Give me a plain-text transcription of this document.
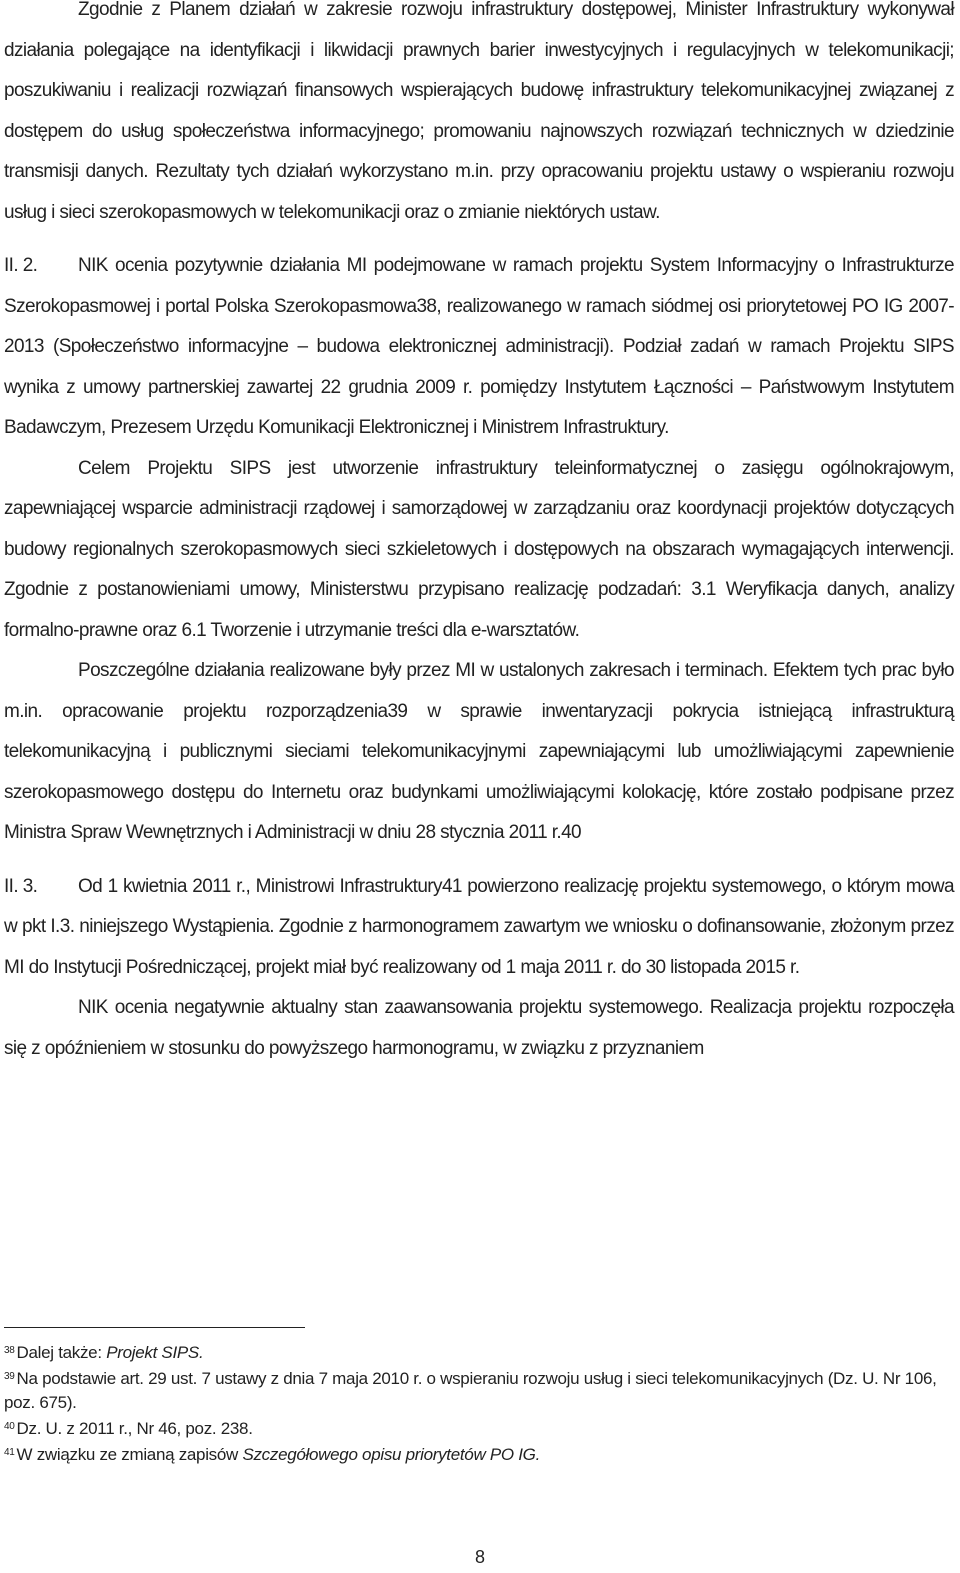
Zgodnie z Planem działań w zakresie rozwoju infrastruktury dostępowej, Minister Infrastruktury wykonywał działania polegające na identyfikacji i likwidacji prawnych barier inwestycyjnych i regulacyjnych w telekomunikacji; poszukiwaniu i realizacji rozwiązań finansowych wspierających budowę infrastruktury telekomunikacyjnej związanej z dostępem do usług społeczeństwa informacyjnego; promowaniu najnowszych rozwiązań technicznych w dziedzinie transmisji danych. Rezultaty tych działań wykorzystano m.in. przy opracowaniu projektu ustawy o wspieraniu rozwoju usług i sieci szerokopasmowych w telekomunikacji oraz o zmianie niektórych ustaw.

II. 2. NIK ocenia pozytywnie działania MI podejmowane w ramach projektu System Informacyjny o Infrastrukturze Szerokopasmowej i portal Polska Szerokopasmowa38, realizowanego w ramach siódmej osi priorytetowej PO IG 2007-2013 (Społeczeństwo informacyjne – budowa elektronicznej administracji). Podział zadań w ramach Projektu SIPS wynika z umowy partnerskiej zawartej 22 grudnia 2009 r. pomiędzy Instytutem Łączności – Państwowym Instytutem Badawczym, Prezesem Urzędu Komunikacji Elektronicznej i Ministrem Infrastruktury.

Celem Projektu SIPS jest utworzenie infrastruktury teleinformatycznej o zasięgu ogólnokrajowym, zapewniającej wsparcie administracji rządowej i samorządowej w zarządzaniu oraz koordynacji projektów dotyczących budowy regionalnych szerokopasmowych sieci szkieletowych i dostępowych na obszarach wymagających interwencji. Zgodnie z postanowieniami umowy, Ministerstwu przypisano realizację podzadań: 3.1 Weryfikacja danych, analizy formalno-prawne oraz 6.1 Tworzenie i utrzymanie treści dla e-warsztatów.

Poszczególne działania realizowane były przez MI w ustalonych zakresach i terminach. Efektem tych prac było m.in. opracowanie projektu rozporządzenia39 w sprawie inwentaryzacji pokrycia istniejącą infrastrukturą telekomunikacyjną i publicznymi sieciami telekomunikacyjnymi zapewniającymi lub umożliwiającymi zapewnienie szerokopasmowego dostępu do Internetu oraz budynkami umożliwiającymi kolokację, które zostało podpisane przez Ministra Spraw Wewnętrznych i Administracji w dniu 28 stycznia 2011 r.40

II. 3. Od 1 kwietnia 2011 r., Ministrowi Infrastruktury41 powierzono realizację projektu systemowego, o którym mowa w pkt I.3. niniejszego Wystąpienia. Zgodnie z harmonogramem zawartym we wniosku o dofinansowanie, złożonym przez MI do Instytucji Pośredniczącej, projekt miał być realizowany od 1 maja 2011 r. do 30 listopada 2015 r.

NIK ocenia negatywnie aktualny stan zaawansowania projektu systemowego. Realizacja projektu rozpoczęła się z opóźnieniem w stosunku do powyższego harmonogramu, w związku z przyznaniem

$^{38}$ Dalej także: Projekt SIPS.

$^{39}$ Na podstawie art. 29 ust. 7 ustawy z dnia 7 maja 2010 r. o wspieraniu rozwoju usług i sieci telekomunikacyjnych (Dz. U. Nr 106, poz. 675).

$^{40}$ Dz. U. z 2011 r., Nr 46, poz. 238.

$^{41}$ W związku ze zmianą zapisów Szczegółowego opisu priorytetów PO IG.

8
